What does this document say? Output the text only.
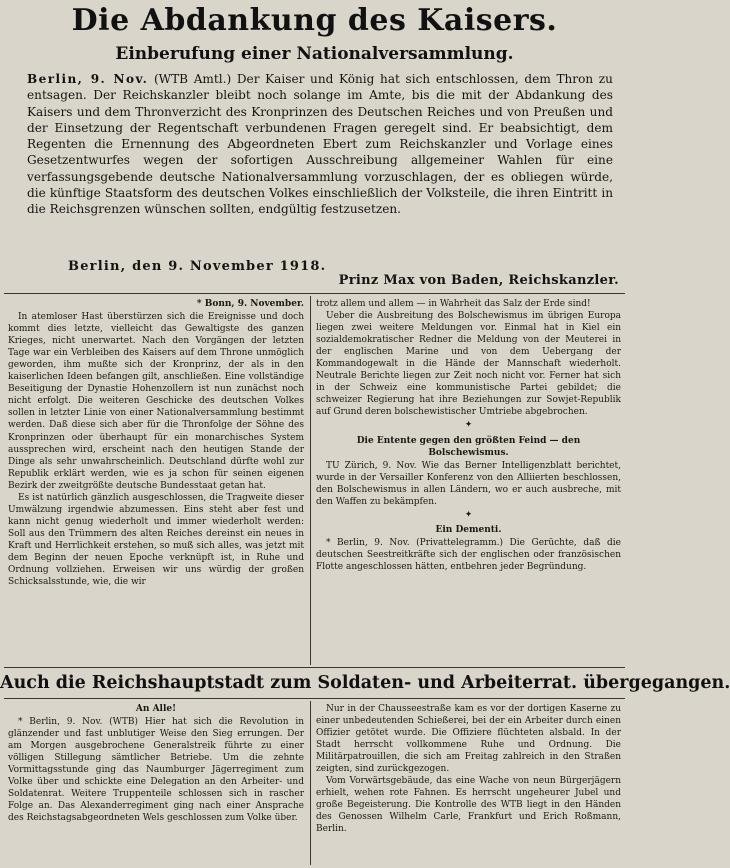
Die Abdankung des Kaisers.
Einberufung einer Nationalversammlung.
Berlin, 9. Nov. (WTB Amtl.) Der Kaiser und König hat sich entschlossen, dem Thron zu entsagen. Der Reichskanzler bleibt noch solange im Amte, bis die mit der Abdankung des Kaisers und dem Thronverzicht des Kronprinzen des Deutschen Reiches und von Preußen und der Einsetzung der Regentschaft verbundenen Fragen geregelt sind. Er beabsichtigt, dem Regenten die Ernennung des Abgeordneten Ebert zum Reichskanzler und Vorlage eines Gesetzentwurfes wegen der sofortigen Ausschreibung allgemeiner Wahlen für eine verfassungsgebende deutsche Nationalversammlung vorzuschlagen, der es obliegen würde, die künftige Staatsform des deutschen Volkes einschließlich der Volksteile, die ihren Eintritt in die Reichsgrenzen wünschen sollten, endgültig festzusetzen.
Berlin, den 9. November 1918.
Prinz Max von Baden, Reichskanzler.
* Bonn, 9. November.

In atemloser Hast überstürzen sich die Ereignisse und doch kommt dies letzte, vielleicht das Gewaltigste des ganzen Krieges, nicht unerwartet. Nach den Vorgängen der letzten Tage war ein Verbleiben des Kaisers auf dem Throne unmöglich geworden, ihm mußte sich der Kronprinz, der als in den kaiserlichen Ideen befangen gilt, anschließen. Eine vollständige Beseitigung der Dynastie Hohenzollern ist nun zunächst noch nicht erfolgt. Die weiteren Geschicke des deutschen Volkes sollen in letzter Linie von einer Nationalversammlung bestimmt werden. Daß diese sich aber für die Thronfolge der Söhne des Kronprinzen oder überhaupt für ein monarchisches System aussprechen wird, erscheint nach den heutigen Stande der Dinge als sehr unwahrscheinlich. Deutschland dürfte wohl zur Republik erklärt werden, wie es ja schon für seinen eigenen Bezirk der zweitgrößte deutsche Bundesstaat getan hat.

Es ist natürlich gänzlich ausgeschlossen, die Tragweite dieser Umwälzung irgendwie abzumessen. Eins steht aber fest und kann nicht genug wiederholt und immer wiederholt werden: Soll aus den Trümmern des alten Reiches dereinst ein neues in Kraft und Herrlichkeit erstehen, so muß sich alles, was jetzt mit dem Beginn der neuen Epoche verknüpft ist, in Ruhe und Ordnung vollziehen. Erweisen wir uns würdig der großen Schicksalsstunde, wie, die wir

trotz allem und allem — in Wahrheit das Salz der Erde sind!

Ueber die Ausbreitung des Bolschewismus im übrigen Europa liegen zwei weitere Meldungen vor. Einmal hat in Kiel ein sozialdemokratischer Redner die Meldung von der Meuterei in der englischen Marine und von dem Uebergang der Kommandogewalt in die Hände der Mannschaft wiederholt. Neutrale Berichte liegen zur Zeit noch nicht vor. Ferner hat sich in der Schweiz eine kommunistische Partei gebildet; die schweizer Regierung hat ihre Beziehungen zur Sowjet-Republik auf Grund deren bolschewistischer Umtriebe abgebrochen.

✦
Die Entente gegen den größten Feind — den Bolschewismus.

TU Zürich, 9. Nov. Wie das Berner Intelligenzblatt berichtet, wurde in der Versailler Konferenz von den Alliierten beschlossen, den Bolschewismus in allen Ländern, wo er auch ausbreche, mit den Waffen zu bekämpfen.

✦
Ein Dementi.

* Berlin, 9. Nov. (Privattelegramm.) Die Gerüchte, daß die deutschen Seestreitkräfte sich der englischen oder französischen Flotte angeschlossen hätten, entbehren jeder Begründung.

Auch die Reichshauptstadt zum Soldaten- und Arbeiterrat. übergegangen.
An Alle!

* Berlin, 9. Nov. (WTB) Hier hat sich die Revolution in glänzender und fast unblutiger Weise den Sieg errungen. Der am Morgen ausgebrochene Generalstreik führte zu einer völligen Stillegung sämtlicher Betriebe. Um die zehnte Vormittagsstunde ging das Naumburger Jägerregiment zum Volke über und schickte eine Delegation an den Arbeiter- und Soldatenrat. Weitere Truppenteile schlossen sich in rascher Folge an. Das Alexanderregiment ging nach einer Ansprache des Reichstagsabgeordneten Wels geschlossen zum Volke über.

Nur in der Chausseestraße kam es vor der dortigen Kaserne zu einer unbedeutenden Schießerei, bei der ein Arbeiter durch einen Offizier getötet wurde. Die Offiziere flüchteten alsbald. In der Stadt herrscht vollkommene Ruhe und Ordnung. Die Militärpatrouillen, die sich am Freitag zahlreich in den Straßen zeigten, sind zurückgezogen.

Vom Vorwärtsgebäude, das eine Wache von neun Bürgerjägern erhielt, wehen rote Fahnen. Es herrscht ungeheurer Jubel und große Begeisterung. Die Kontrolle des WTB liegt in den Händen des Genossen Wilhelm Carle, Frankfurt und Erich Roßmann, Berlin.
